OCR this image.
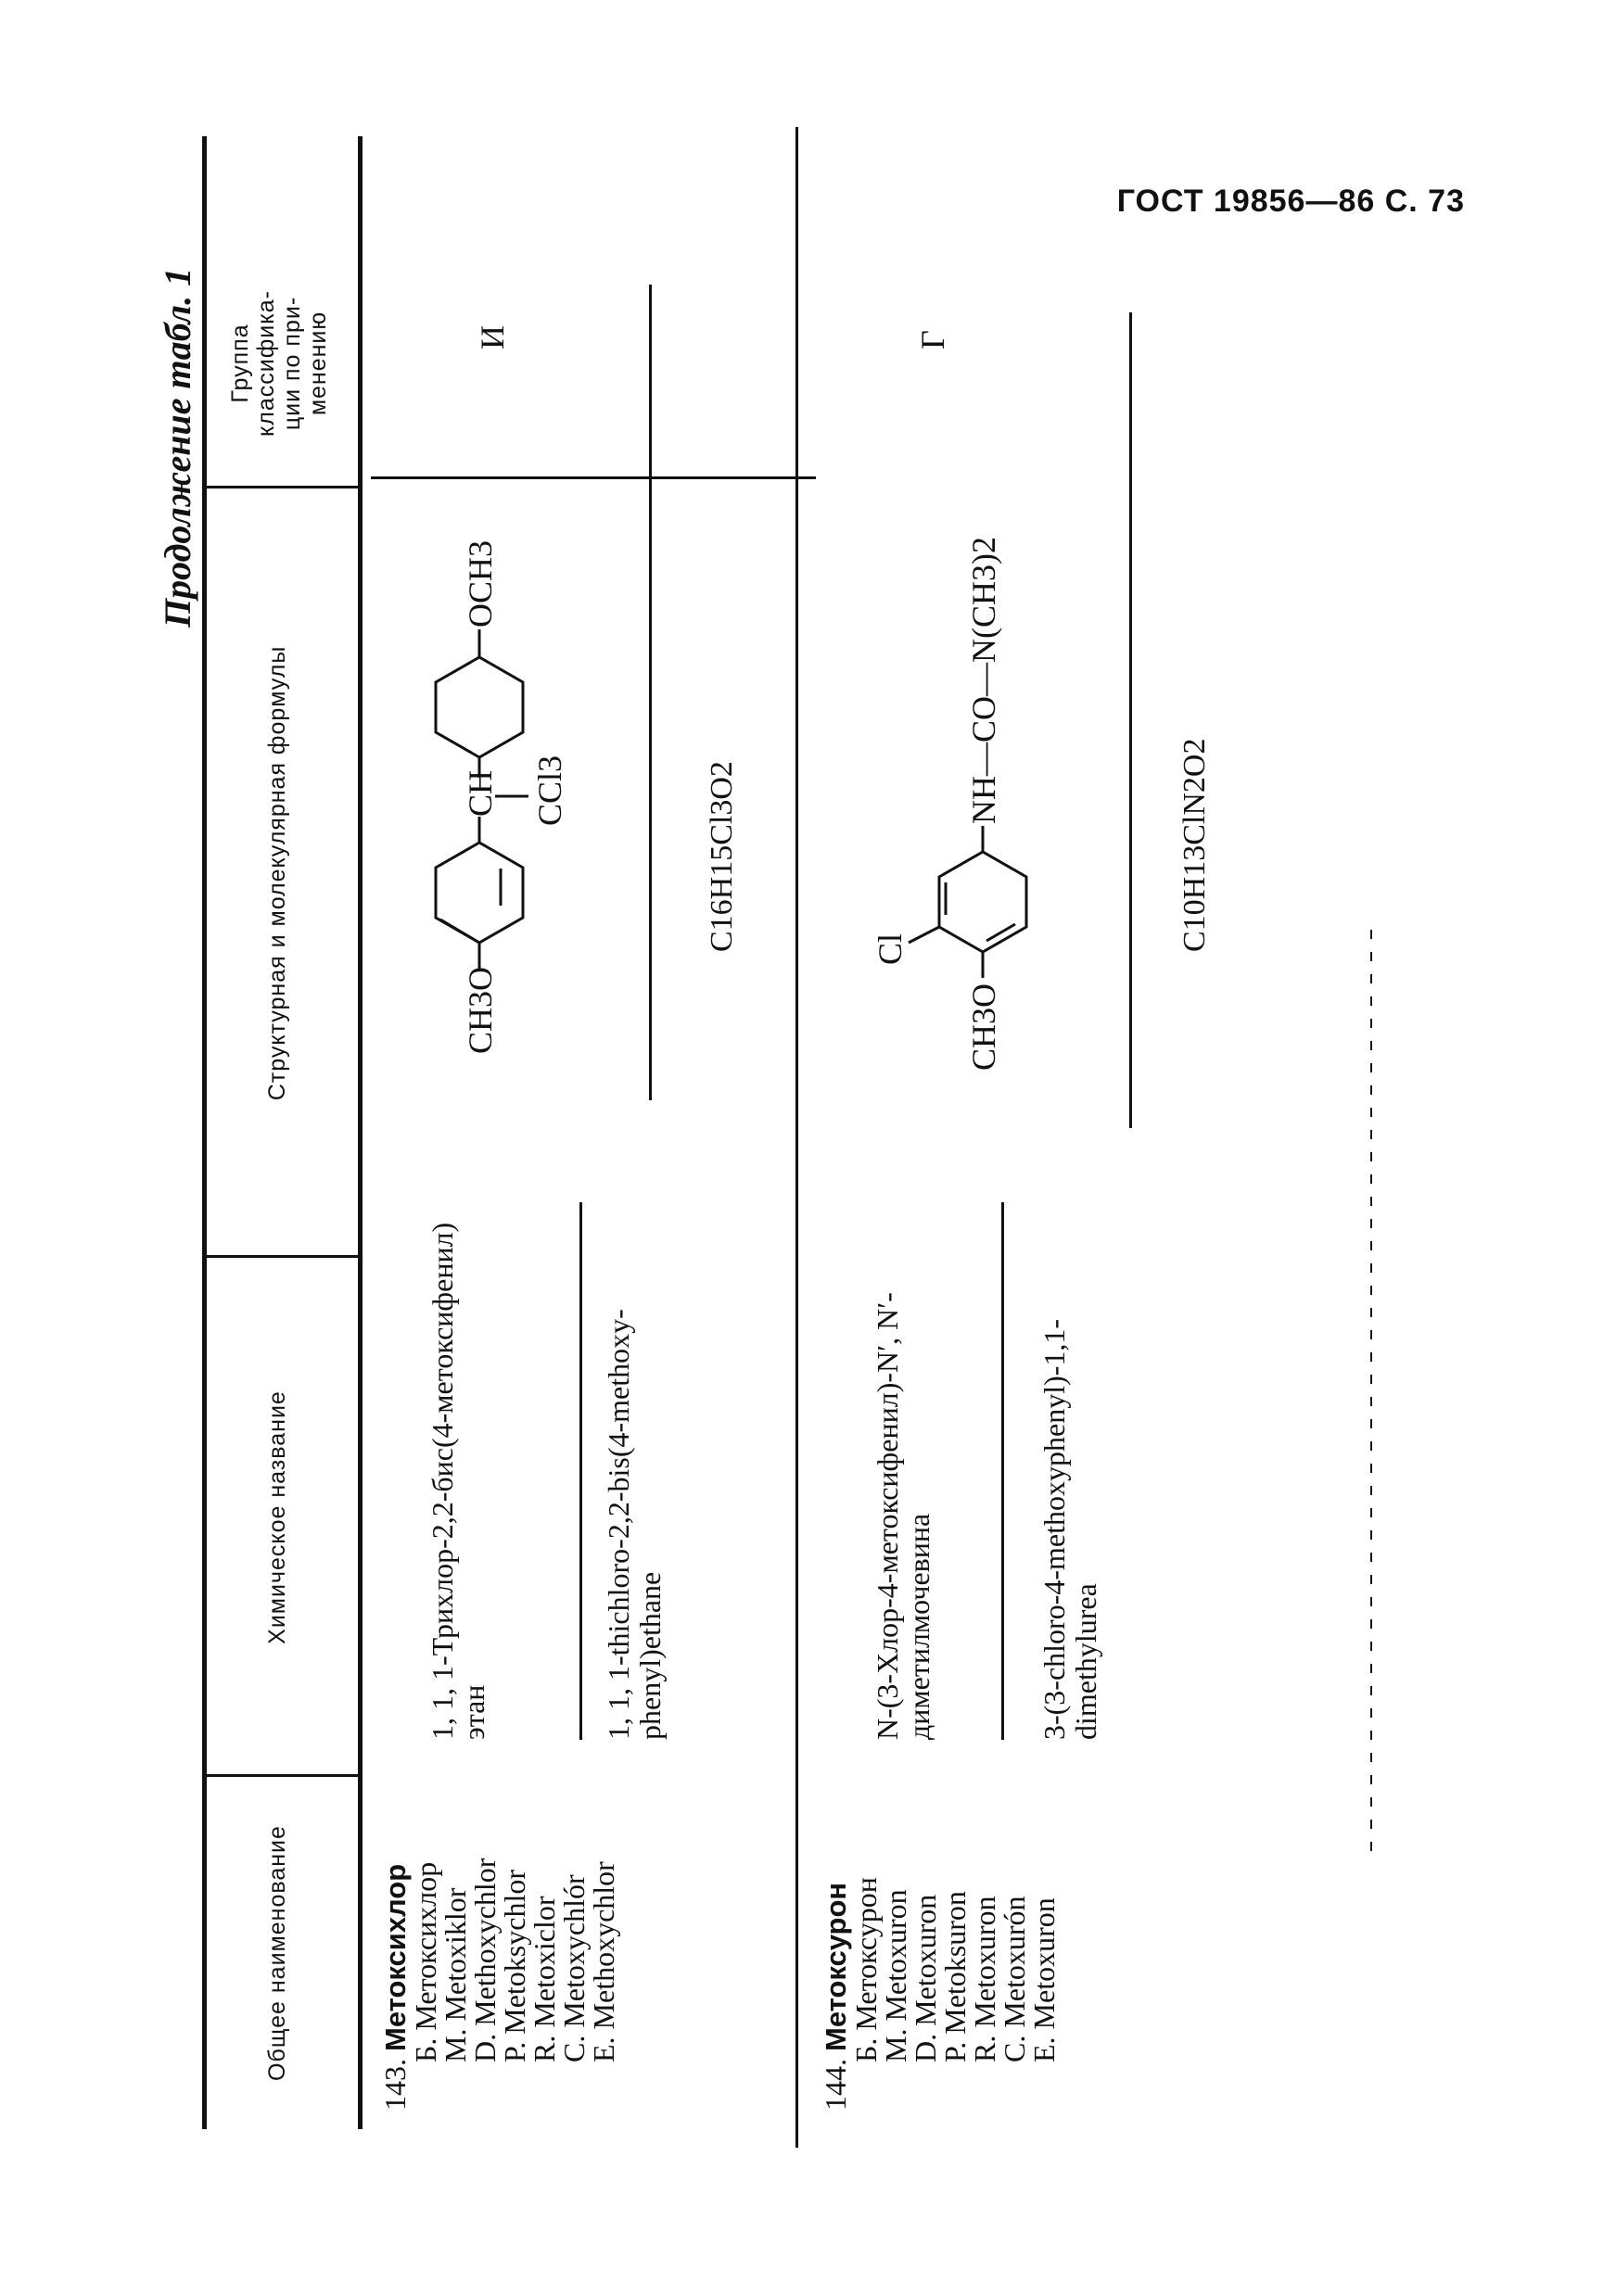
ГОСТ 19856—86 С. 73
Продолжение табл. 1
Общее наименование
Химическое название
Структурная и молекулярная формулы
Группа классифика- ции по при- менению
143. Метоксихлор
Б. Метоксихлор
М. Metoxiklor
D. Methoxychlor
P. Metoksychlor
R. Metoxiclor
С. Metoxychlór
Е. Methoxychlor
1, 1, 1-Трихлор-2,2-бис(4-метоксифенил) этан	1, 1, 1-thichloro-2,2-bis(4-methoxy-phenyl)ethane
CH3O
CH CCl3
OCH3
C16H15Cl3O2
И
144. Метоксурон
Б. Метоксурон
М. Metoxuron
D. Metoxuron
P. Metoksuron
R. Metoxuron
С. Metoxurón
Е. Metoxuron
N-(3-Хлор-4-метоксифенил)-N′, N′-диметилмочевина	3-(3-chloro-4-methoxyphenyl)-1,1-dimethylurea
CH3O
Cl
NH—CO—N(CH3)2
C10H13ClN2O2
Г
